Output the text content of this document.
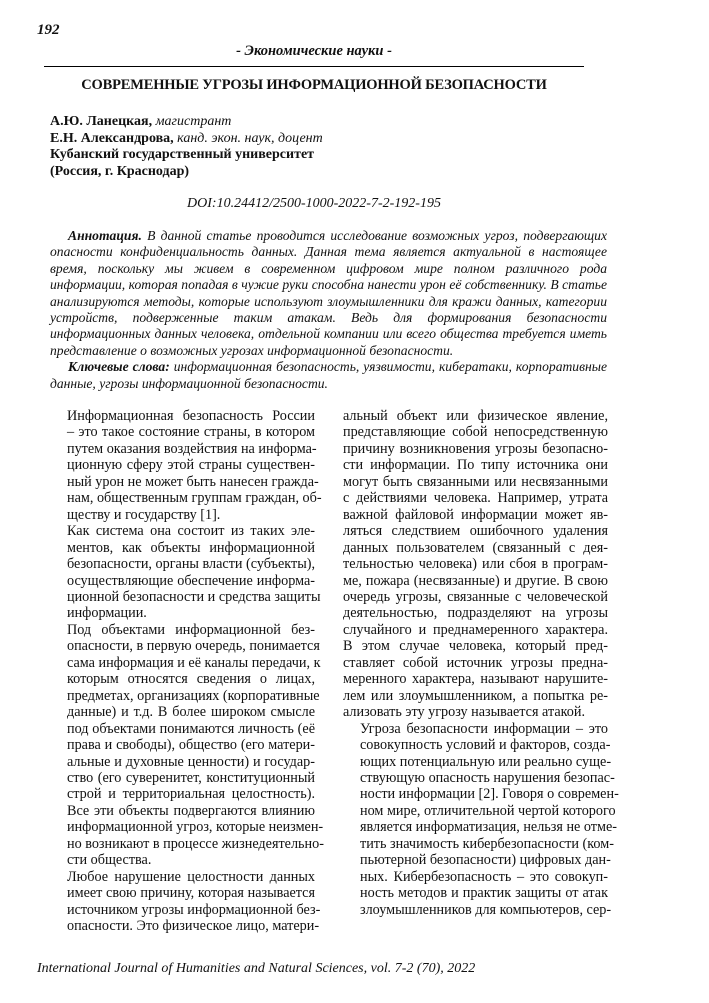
192
- Экономические науки -
СОВРЕМЕННЫЕ УГРОЗЫ ИНФОРМАЦИОННОЙ БЕЗОПАСНОСТИ
А.Ю. Ланецкая, магистрант
Е.Н. Александрова, канд. экон. наук, доцент
Кубанский государственный университет
(Россия, г. Краснодар)
DOI:10.24412/2500-1000-2022-7-2-192-195

Аннотация. В данной статье проводится исследование возможных угроз, подвергающих опасности конфиденциальность данных. Данная тема является актуальной в настоящее время, поскольку мы живем в современном цифровом мире полном различного рода информации, которая попадая в чужие руки способна нанести урон её собственнику. В статье анализируются методы, которые используют злоумышленники для кражи данных, категории устройств, подверженные таким атакам. Ведь для формирования безопасности информационных данных человека, отдельной компании или всего общества требуется иметь представление о возможных угрозах информационной безопасности.

Ключевые слова: информационная безопасность, уязвимости, кибератаки, корпоративные данные, угрозы информационной безопасности.

Информационная безопасность России
– это такое состояние страны, в котором
путем оказания воздействия на информа-
ционную сферу этой страны существен-
ный урон не может быть нанесен гражда-
нам, общественным группам граждан, об-
ществу и государству [1].

Как система она состоит из таких эле-
ментов, как объекты информационной
безопасности, органы власти (субъекты),
осуществляющие обеспечение информа-
ционной безопасности и средства защиты
информации.

Под объектами информационной без-
опасности, в первую очередь, понимается
сама информация и её каналы передачи, к
которым относятся сведения о лицах,
предметах, организациях (корпоративные
данные) и т.д. В более широком смысле
под объектами понимаются личность (её
права и свободы), общество (его матери-
альные и духовные ценности) и государ-
ство (его суверенитет, конституционный
строй и территориальная целостность).
Все эти объекты подвергаются влиянию
информационной угроз, которые неизмен-
но возникают в процессе жизнедеятельно-
сти общества.

Любое нарушение целостности данных
имеет свою причину, которая называется
источником угрозы информационной без-
опасности. Это физическое лицо, матери-

альный объект или физическое явление,
представляющие собой непосредственную
причину возникновения угрозы безопасно-
сти информации. По типу источника они
могут быть связанными или несвязанными
с действиями человека. Например, утрата
важной файловой информации может яв-
ляться следствием ошибочного удаления
данных пользователем (связанный с дея-
тельностью человека) или сбоя в програм-
ме, пожара (несвязанные) и другие. В свою
очередь угрозы, связанные с человеческой
деятельностью, подразделяют на угрозы
случайного и преднамеренного характера.
В этом случае человека, который пред-
ставляет собой источник угрозы предна-
меренного характера, называют нарушите-
лем или злоумышленником, а попытка ре-
ализовать эту угрозу называется атакой.

Угроза безопасности информации – это
совокупность условий и факторов, созда-
ющих потенциальную или реально суще-
ствующую опасность нарушения безопас-
ности информации [2]. Говоря о современ-
ном мире, отличительной чертой которого
является информатизация, нельзя не отме-
тить значимость кибербезопасности (ком-
пьютерной безопасности) цифровых дан-
ных. Кибербезопасность – это совокуп-
ность методов и практик защиты от атак
злоумышленников для компьютеров, сер-

International Journal of Humanities and Natural Sciences, vol. 7-2 (70), 2022
